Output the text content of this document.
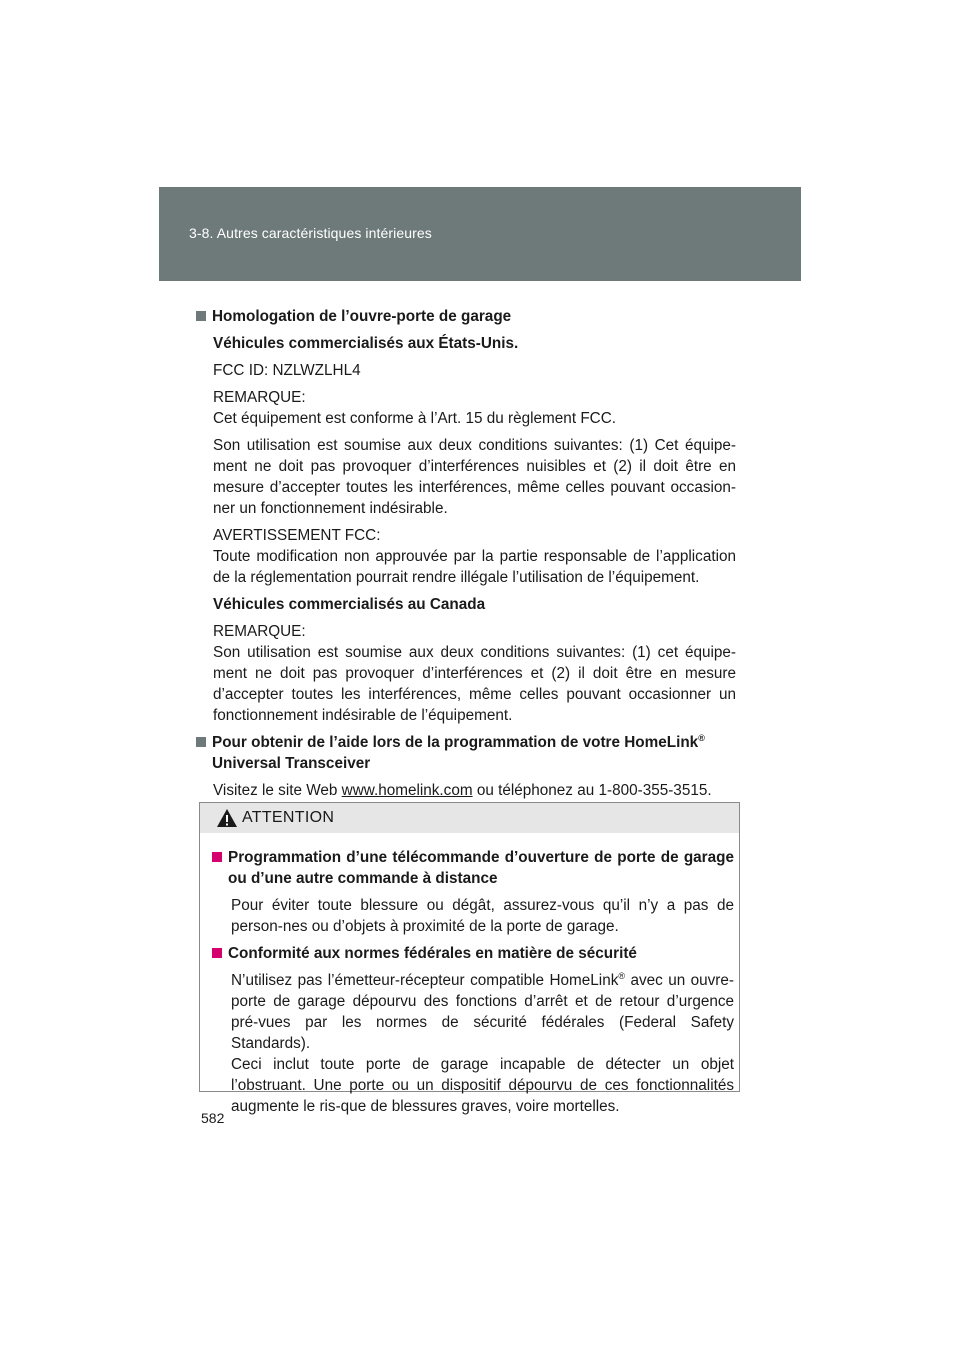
3-8. Autres caractéristiques intérieures
Homologation de l’ouvre-porte de garage
Véhicules commercialisés aux États-Unis.
FCC ID: NZLWZLHL4
REMARQUE:
Cet équipement est conforme à l’Art. 15 du règlement FCC.
Son utilisation est soumise aux deux conditions suivantes: (1) Cet équipe-ment ne doit pas provoquer d’interférences nuisibles et (2) il doit être en mesure d’accepter toutes les interférences, même celles pouvant occasion-ner un fonctionnement indésirable.
AVERTISSEMENT FCC:
Toute modification non approuvée par la partie responsable de l’application de la réglementation pourrait rendre illégale l’utilisation de l’équipement.
Véhicules commercialisés au Canada
REMARQUE:
Son utilisation est soumise aux deux conditions suivantes: (1) cet équipe-ment ne doit pas provoquer d’interférences et (2) il doit être en mesure d’accepter toutes les interférences, même celles pouvant occasionner un fonctionnement indésirable de l’équipement.
Pour obtenir de l’aide lors de la programmation de votre HomeLink®
Universal Transceiver
Visitez le site Web www.homelink.com ou téléphonez au 1-800-355-3515.
ATTENTION
Programmation d’une télécommande d’ouverture de porte de garage ou d’une autre commande à distance
Pour éviter toute blessure ou dégât, assurez-vous qu’il n’y a pas de person-nes ou d’objets à proximité de la porte de garage.
Conformité aux normes fédérales en matière de sécurité
N’utilisez pas l’émetteur-récepteur compatible HomeLink® avec un ouvre-porte de garage dépourvu des fonctions d’arrêt et de retour d’urgence pré-vues par les normes de sécurité fédérales (Federal Safety Standards).
Ceci inclut toute porte de garage incapable de détecter un objet l’obstruant. Une porte ou un dispositif dépourvu de ces fonctionnalités augmente le ris-que de blessures graves, voire mortelles.
582
